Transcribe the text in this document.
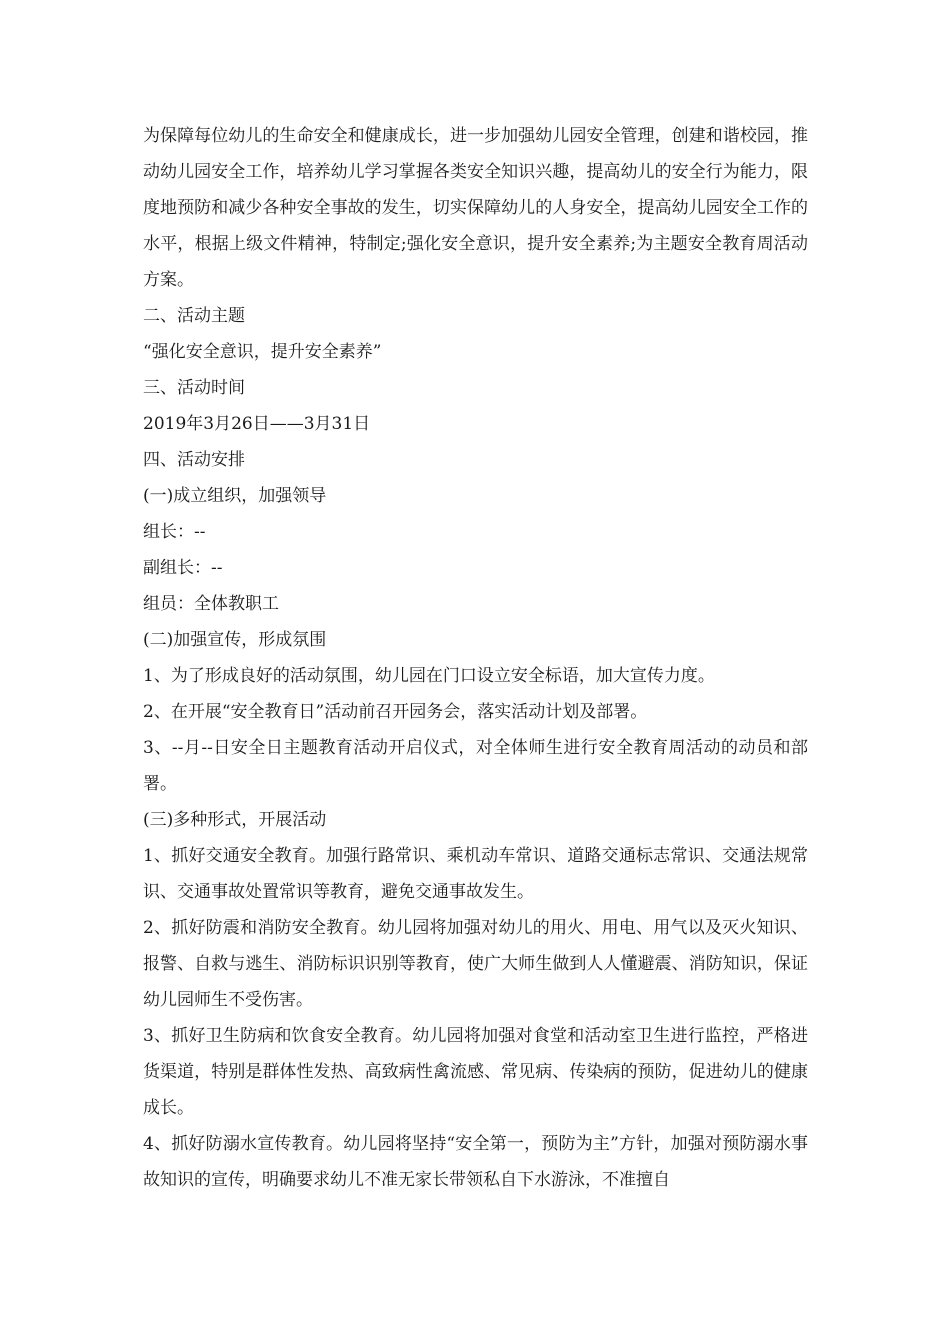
为保障每位幼儿的生命安全和健康成长，进一步加强幼儿园安全管理，创建和谐校园，推动幼儿园安全工作，培养幼儿学习掌握各类安全知识兴趣，提高幼儿的安全行为能力，限度地预防和减少各种安全事故的发生，切实保障幼儿的人身安全，提高幼儿园安全工作的水平，根据上级文件精神，特制定;强化安全意识，提升安全素养;为主题安全教育周活动方案。

二、活动主题

“强化安全意识，提升安全素养”

三、活动时间

2019年3月26日——3月31日

四、活动安排

(一)成立组织，加强领导

组长：--

副组长：--

组员：全体教职工

(二)加强宣传，形成氛围

1、为了形成良好的活动氛围，幼儿园在门口设立安全标语，加大宣传力度。

2、在开展“安全教育日”活动前召开园务会，落实活动计划及部署。

3、--月--日安全日主题教育活动开启仪式，对全体师生进行安全教育周活动的动员和部署。

(三)多种形式，开展活动

1、抓好交通安全教育。加强行路常识、乘机动车常识、道路交通标志常识、交通法规常识、交通事故处置常识等教育，避免交通事故发生。

2、抓好防震和消防安全教育。幼儿园将加强对幼儿的用火、用电、用气以及灭火知识、报警、自救与逃生、消防标识识别等教育，使广大师生做到人人懂避震、消防知识，保证幼儿园师生不受伤害。

3、抓好卫生防病和饮食安全教育。幼儿园将加强对食堂和活动室卫生进行监控，严格进货渠道，特别是群体性发热、高致病性禽流感、常见病、传染病的预防，促进幼儿的健康成长。

4、抓好防溺水宣传教育。幼儿园将坚持“安全第一，预防为主”方针，加强对预防溺水事故知识的宣传，明确要求幼儿不准无家长带领私自下水游泳，不准擅自
